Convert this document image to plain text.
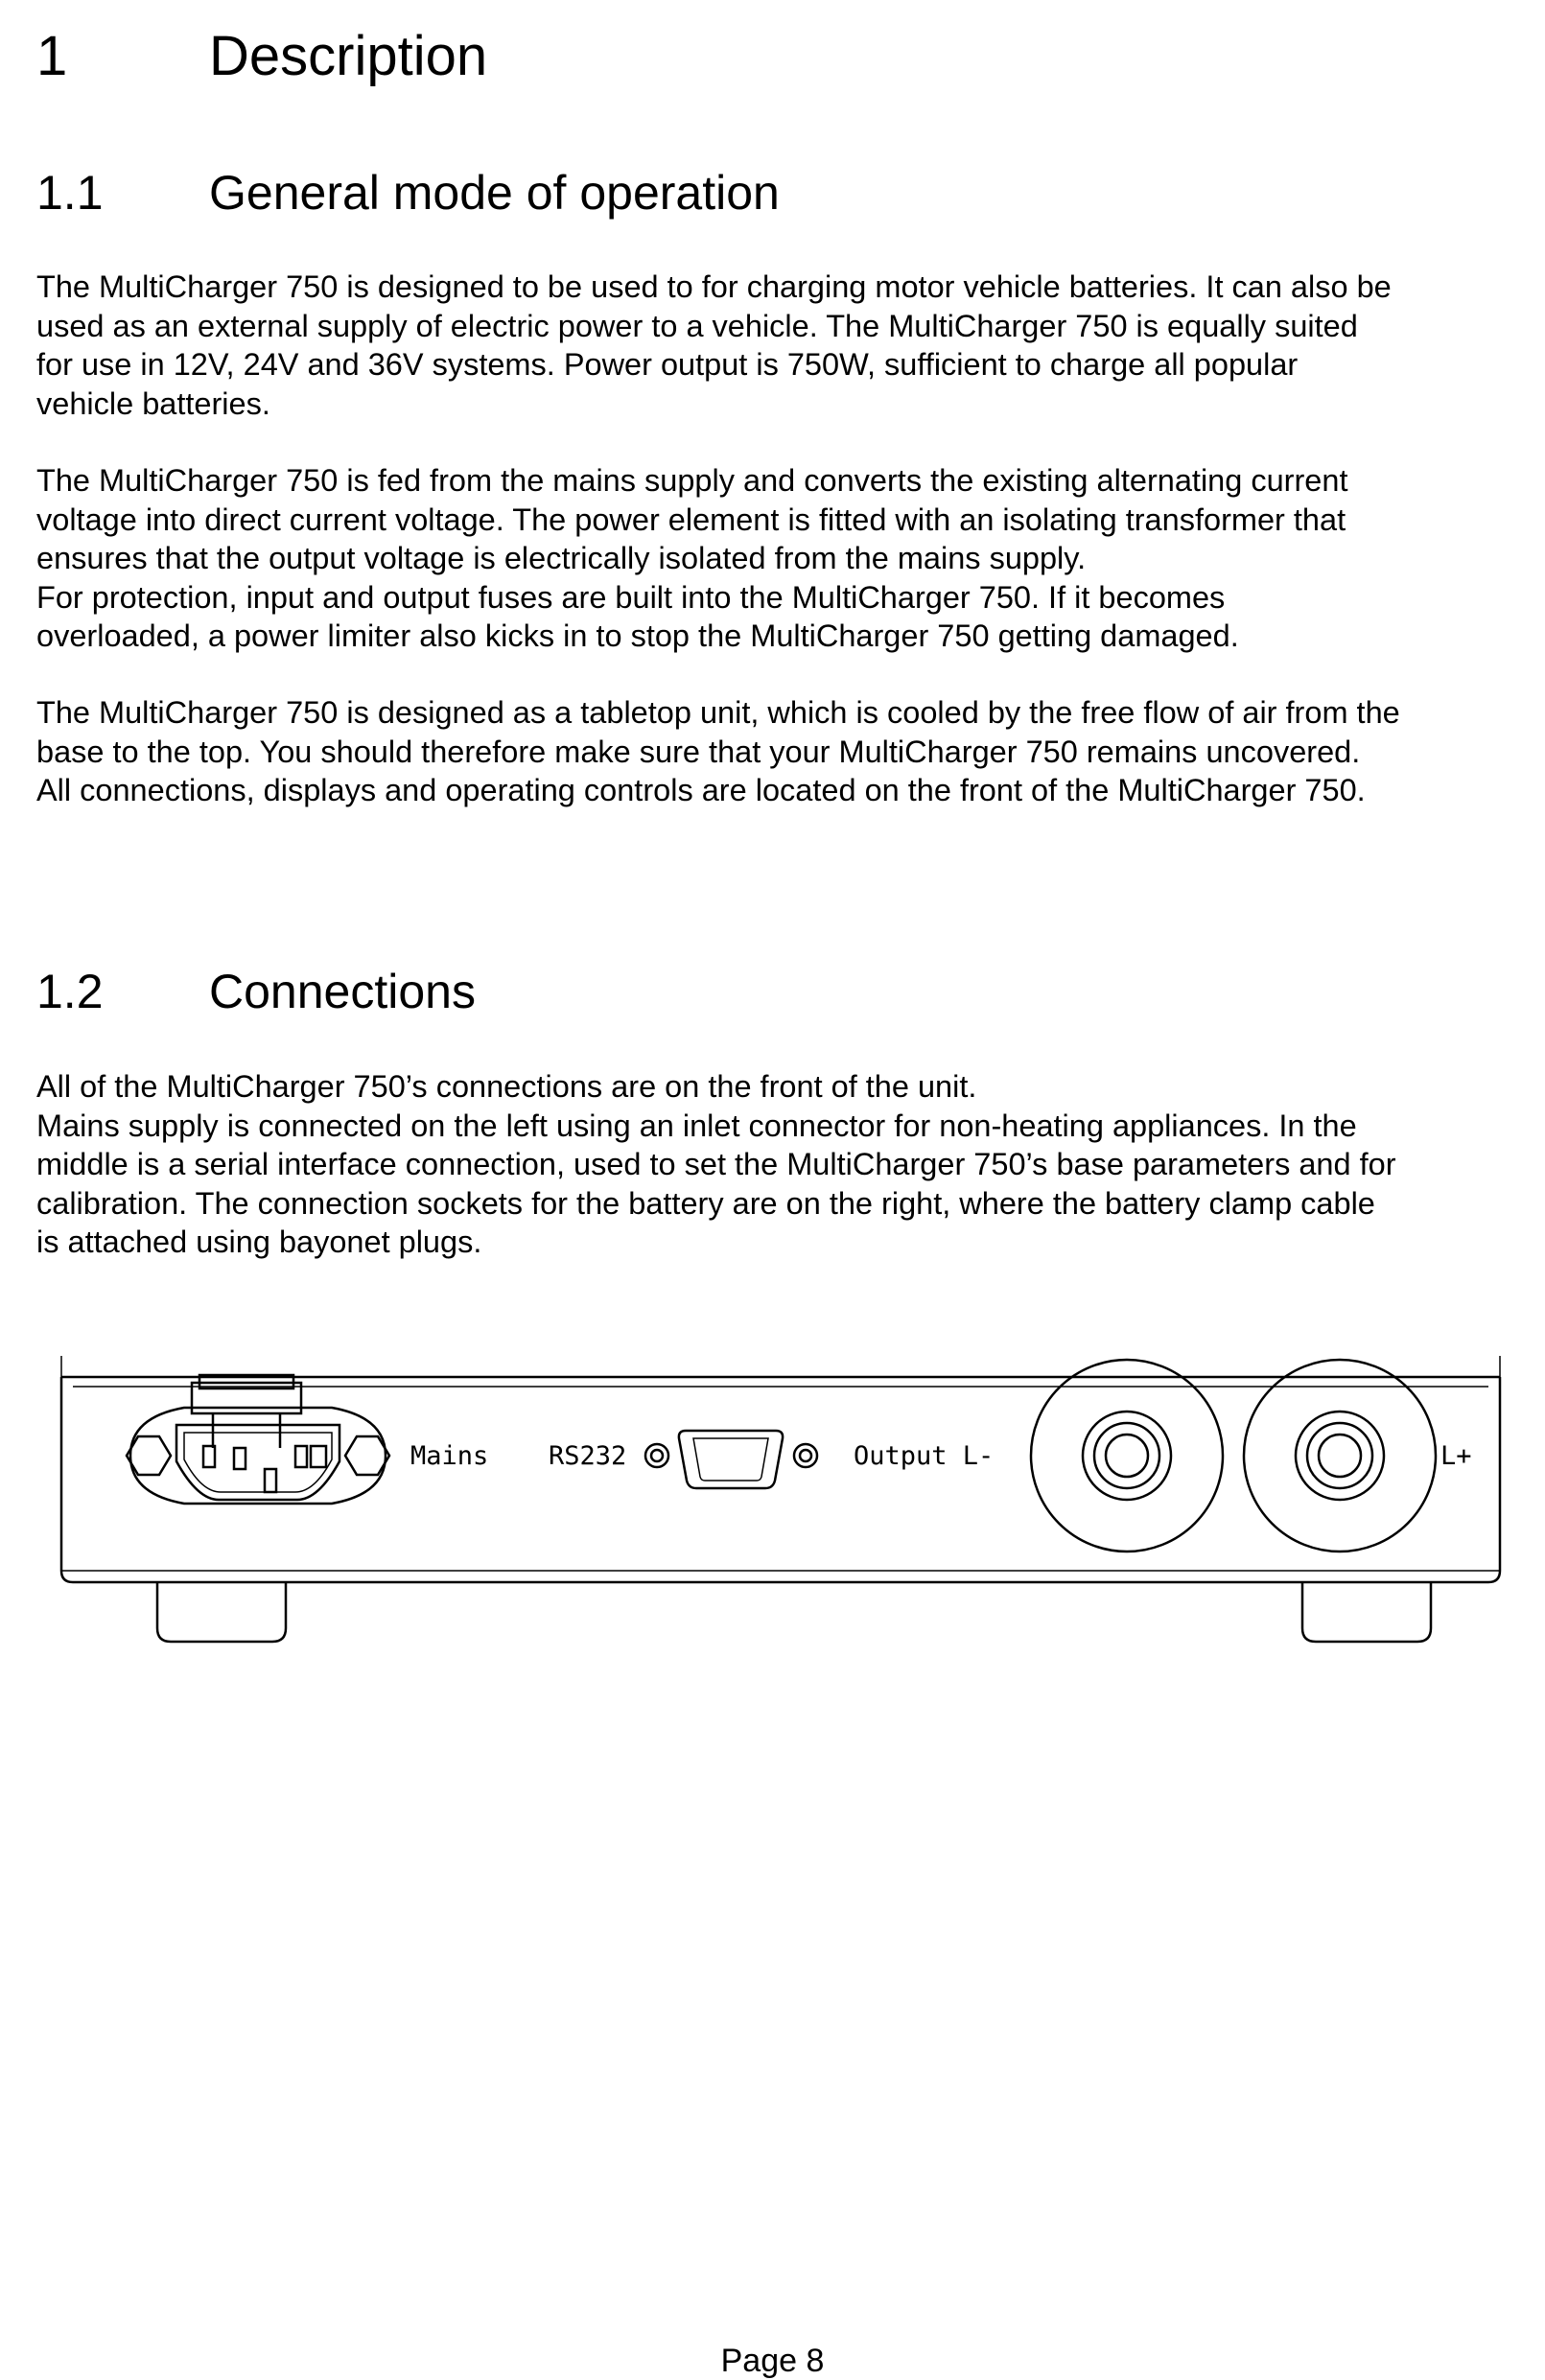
1	Description
1.1 General mode of operation

The MultiCharger 750 is designed to be used to for charging motor vehicle batteries. It can also be
used as an external supply of electric power to a vehicle. The MultiCharger 750 is equally suited
for use in 12V, 24V and 36V systems. Power output is 750W, sufficient to charge all popular
vehicle batteries.

The MultiCharger 750 is fed from the mains supply and converts the existing alternating current
voltage into direct current voltage. The power element is fitted with an isolating transformer that
ensures that the output voltage is electrically isolated from the mains supply.
For protection, input and output fuses are built into the MultiCharger 750. If it becomes
overloaded, a power limiter also kicks in to stop the MultiCharger 750 getting damaged.

The MultiCharger 750 is designed as a tabletop unit, which is cooled by the free flow of air from the
base to the top. You should therefore make sure that your MultiCharger 750 remains uncovered.
All connections, displays and operating controls are located on the front of the MultiCharger 750.

1.2 Connections

All of the MultiCharger 750’s connections are on the front of the unit.
Mains supply is connected on the left using an inlet connector for non-heating appliances. In the
middle is a serial interface connection, used to set the MultiCharger 750’s base parameters and for
calibration. The connection sockets for the battery are on the right, where the battery clamp cable
is attached using bayonet plugs.

Mains RS232	Output L-	L+

Page 8
